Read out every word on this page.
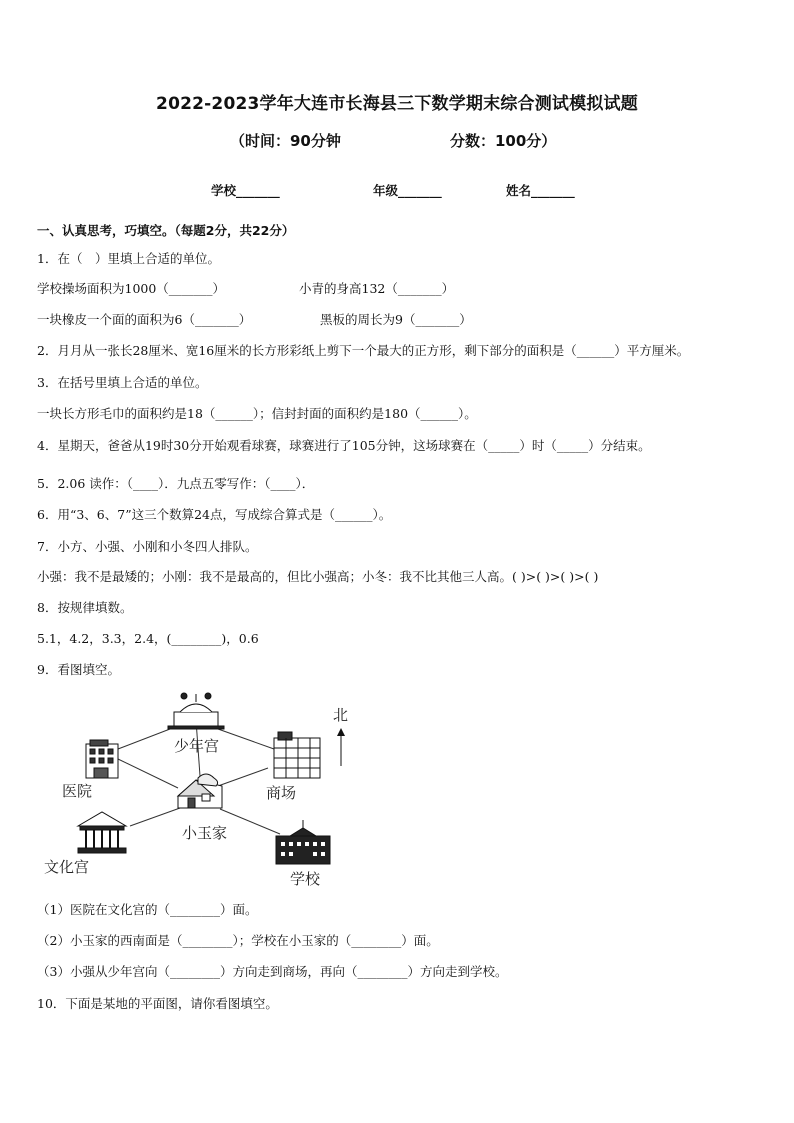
2022-2023学年大连市长海县三下数学期末综合测试模拟试题
（时间：90分钟	分数：100分）
学校_______	年级_______	姓名_______
一、认真思考，巧填空。（每题2分，共22分）
1．在（　）里填上合适的单位。
学校操场面积为1000（_______）	小青的身高132（_______）
一块橡皮一个面的面积为6（_______）	黑板的周长为9（_______）
2．月月从一张长28厘米、宽16厘米的长方形彩纸上剪下一个最大的正方形，剩下部分的面积是（______）平方厘米。
3．在括号里填上合适的单位。
一块长方形毛巾的面积约是18（______）；信封封面的面积约是180（______）。
4．星期天，爸爸从19时30分开始观看球赛，球赛进行了105分钟，这场球赛在（_____）时（_____）分结束。
5．2.06 读作：（____）．九点五零写作：（____）．
6．用“3、6、7”这三个数算24点，写成综合算式是（______）。
7．小方、小强、小刚和小冬四人排队。
小强：我不是最矮的；小刚：我不是最高的，但比小强高；小冬：我不比其他三人高。( )>( )>( )>( )
8．按规律填数。
5.1，4.2，3.3，2.4，(________)，0.6
9．看图填空。
少年宫
北
医院	商场
小玉家
文化宫
学校
（1）医院在文化宫的（________）面。
（2）小玉家的西南面是（________）；学校在小玉家的（________）面。
（3）小强从少年宫向（________）方向走到商场，再向（________）方向走到学校。
10．下面是某地的平面图，请你看图填空。
